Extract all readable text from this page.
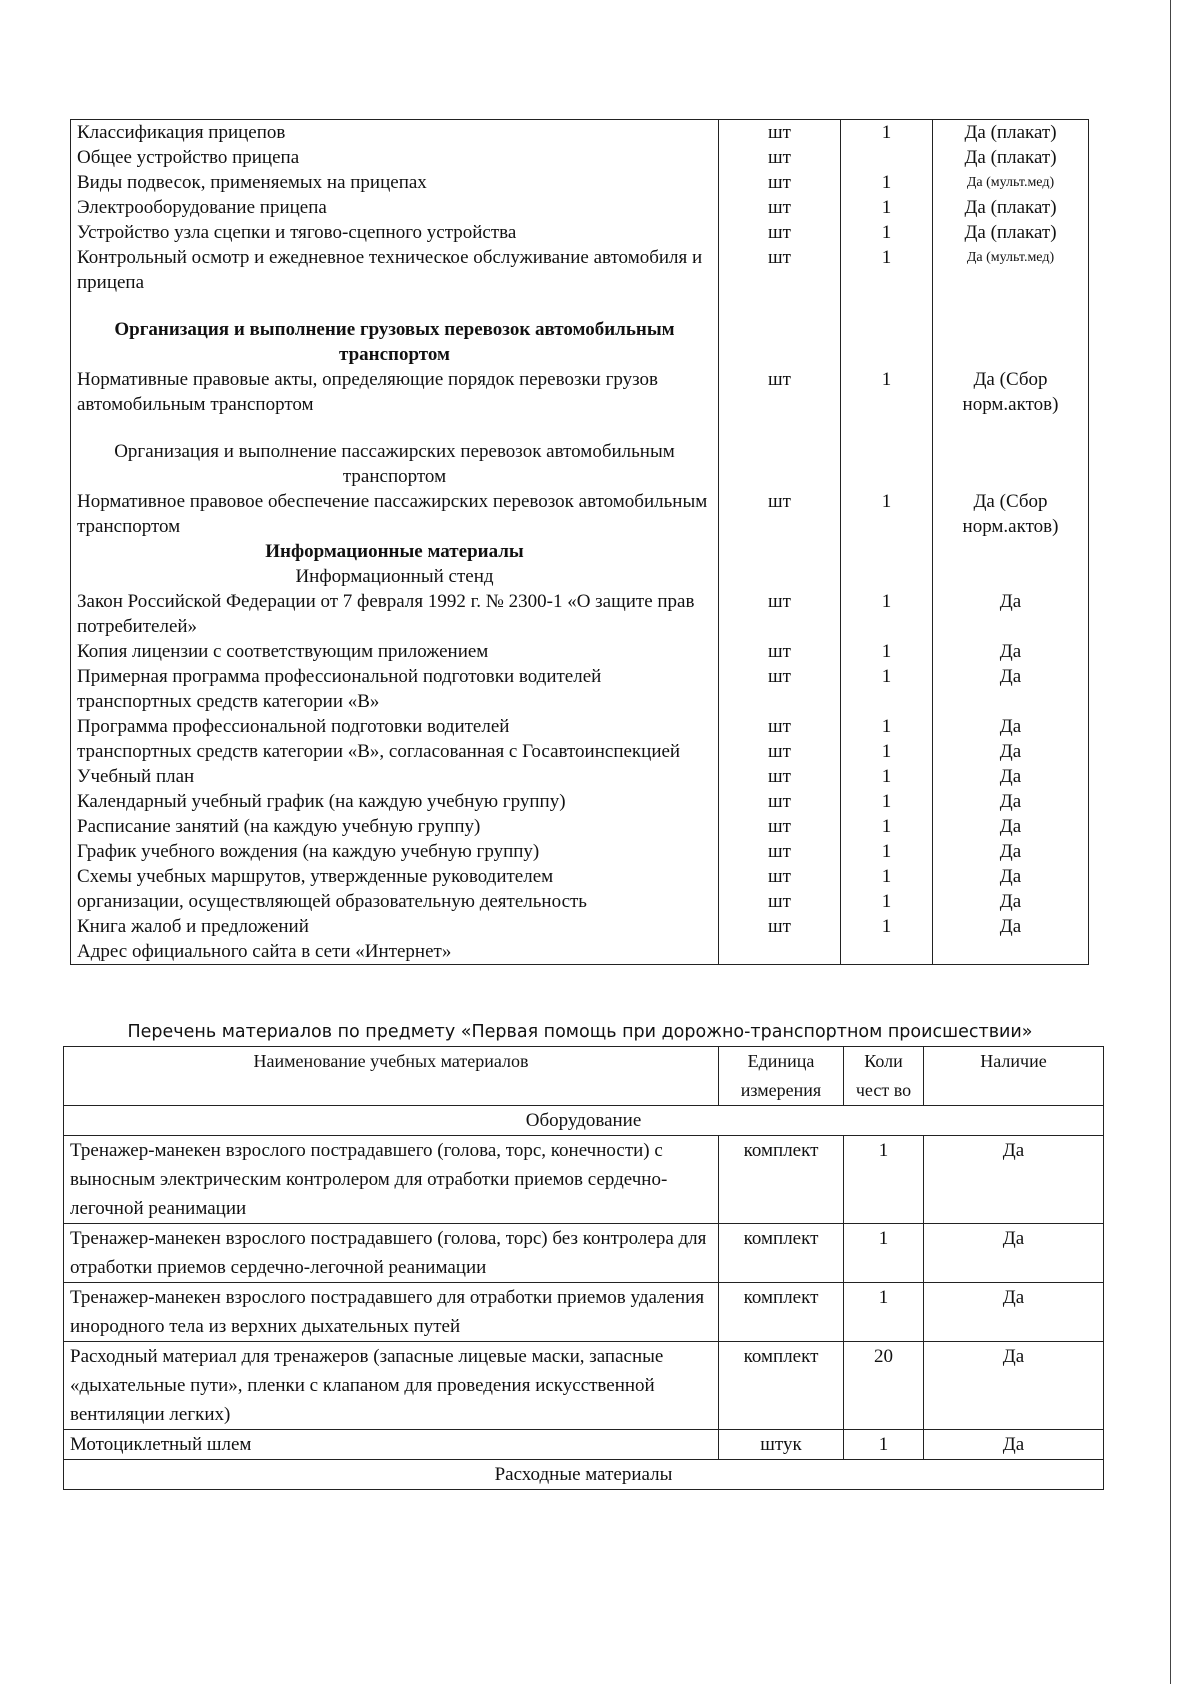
Классификация прицепов	шт	1	Да (плакат)
Общее устройство прицепа	шт		Да (плакат)
Виды подвесок, применяемых на прицепах	шт	1	Да (мульт.мед)
Электрооборудование прицепа	шт	1	Да (плакат)
Устройство узла сцепки и тягово-сцепного устройства	шт	1	Да (плакат)
Контрольный осмотр и ежедневное техническое обслуживание автомобиля и прицепа	шт	1	Да (мульт.мед)

Организация и выполнение грузовых перевозок автомобильным транспортом			
Нормативные правовые акты, определяющие порядок перевозки грузов автомобильным транспортом	шт	1	Да (Сбор норм.актов)

Организация и выполнение пассажирских перевозок автомобильным транспортом			
Нормативное правовое обеспечение пассажирских перевозок автомобильным транспортом	шт	1	Да (Сбор норм.актов)
Информационные материалы			
Информационный стенд			
Закон Российской Федерации от 7 февраля 1992 г. № 2300-1 «О защите прав потребителей»	шт	1	Да
Копия лицензии с соответствующим приложением	шт	1	Да
Примерная программа профессиональной подготовки водителей транспортных средств категории «В»	шт	1	Да
Программа профессиональной подготовки водителей	шт	1	Да
транспортных средств категории «В», согласованная с Госавтоинспекцией	шт	1	Да
Учебный план	шт	1	Да
Календарный учебный график (на каждую учебную группу)	шт	1	Да
Расписание занятий (на каждую учебную группу)	шт	1	Да
График учебного вождения (на каждую учебную группу)	шт	1	Да
Схемы учебных маршрутов, утвержденные руководителем	шт	1	Да
организации, осуществляющей образовательную деятельность	шт	1	Да
Книга жалоб и предложений	шт	1	Да
Адрес официального сайта в сети «Интернет»			
Перечень материалов по предмету «Первая помощь при дорожно-транспортном происшествии»
Наименование учебных материалов	Единица измерения	Коли чест во	Наличие
Оборудование			
Тренажер-манекен взрослого пострадавшего (голова, торс, конечности) с выносным электрическим контролером для отработки приемов сердечно-легочной реанимации	комплект	1	Да
Тренажер-манекен взрослого пострадавшего (голова, торс) без контролера для отработки приемов сердечно-легочной реанимации	комплект	1	Да
Тренажер-манекен взрослого пострадавшего для отработки приемов удаления инородного тела из верхних дыхательных путей	комплект	1	Да
Расходный материал для тренажеров (запасные лицевые маски, запасные «дыхательные пути», пленки с клапаном для проведения искусственной вентиляции легких)	комплект	20	Да
Мотоциклетный шлем	штук	1	Да
Расходные материалы			
